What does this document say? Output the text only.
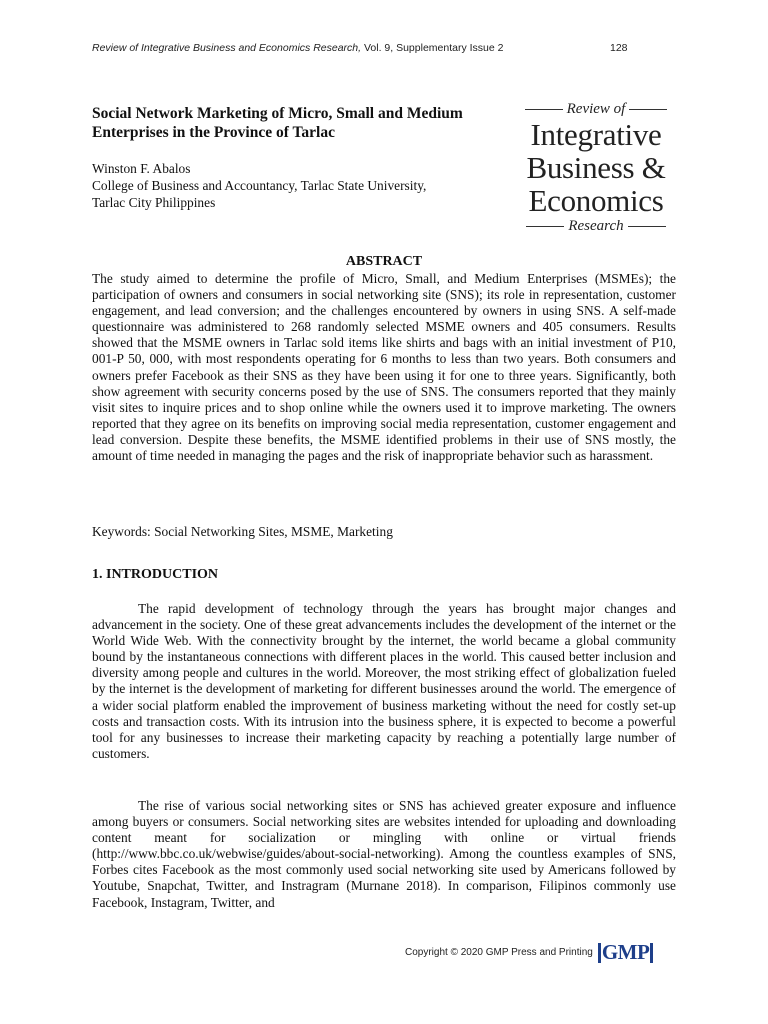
Review of Integrative Business and Economics Research, Vol. 9, Supplementary Issue 2	128
Social Network Marketing of Micro, Small and Medium Enterprises in the Province of Tarlac
Winston F. Abalos
College of Business and Accountancy, Tarlac State University,
Tarlac City Philippines
Review of
Integrative
Business &
Economics
Research
ABSTRACT

The study aimed to determine the profile of Micro, Small, and Medium Enterprises (MSMEs); the participation of owners and consumers in social networking site (SNS); its role in representation, customer engagement, and lead conversion; and the challenges encountered by owners in using SNS. A self-made questionnaire was administered to 268 randomly selected MSME owners and 405 consumers. Results showed that the MSME owners in Tarlac sold items like shirts and bags with an initial investment of P10, 001-P 50, 000, with most respondents operating for 6 months to less than two years. Both consumers and owners prefer Facebook as their SNS as they have been using it for one to three years. Significantly, both show agreement with security concerns posed by the use of SNS. The consumers reported that they mainly visit sites to inquire prices and to shop online while the owners used it to improve marketing. The owners reported that they agree on its benefits on improving social media representation, customer engagement and lead conversion. Despite these benefits, the MSME identified problems in their use of SNS mostly, the amount of time needed in managing the pages and the risk of inappropriate behavior such as harassment.

Keywords: Social Networking Sites, MSME, Marketing

1. INTRODUCTION

The rapid development of technology through the years has brought major changes and advancement in the society. One of these great advancements includes the development of the internet or the World Wide Web. With the connectivity brought by the internet, the world became a global community bound by the instantaneous connections with different places in the world. This caused better inclusion and diversity among people and cultures in the world. Moreover, the most striking effect of globalization fueled by the internet is the development of marketing for different businesses around the world. The emergence of a wider social platform enabled the improvement of business marketing without the need for costly set-up costs and transaction costs. With its intrusion into the business sphere, it is expected to become a powerful tool for any businesses to increase their marketing capacity by reaching a potentially large number of customers.

The rise of various social networking sites or SNS has achieved greater exposure and influence among buyers or consumers. Social networking sites are websites intended for uploading and downloading content meant for socialization or mingling with online or virtual friends (http://www.bbc.co.uk/webwise/guides/about-social-networking). Among the countless examples of SNS, Forbes cites Facebook as the most commonly used social networking site used by Americans followed by Youtube, Snapchat, Twitter, and Instragram (Murnane 2018). In comparison, Filipinos commonly use Facebook, Instagram, Twitter, and

Copyright © 2020 GMP Press and Printing GMP
